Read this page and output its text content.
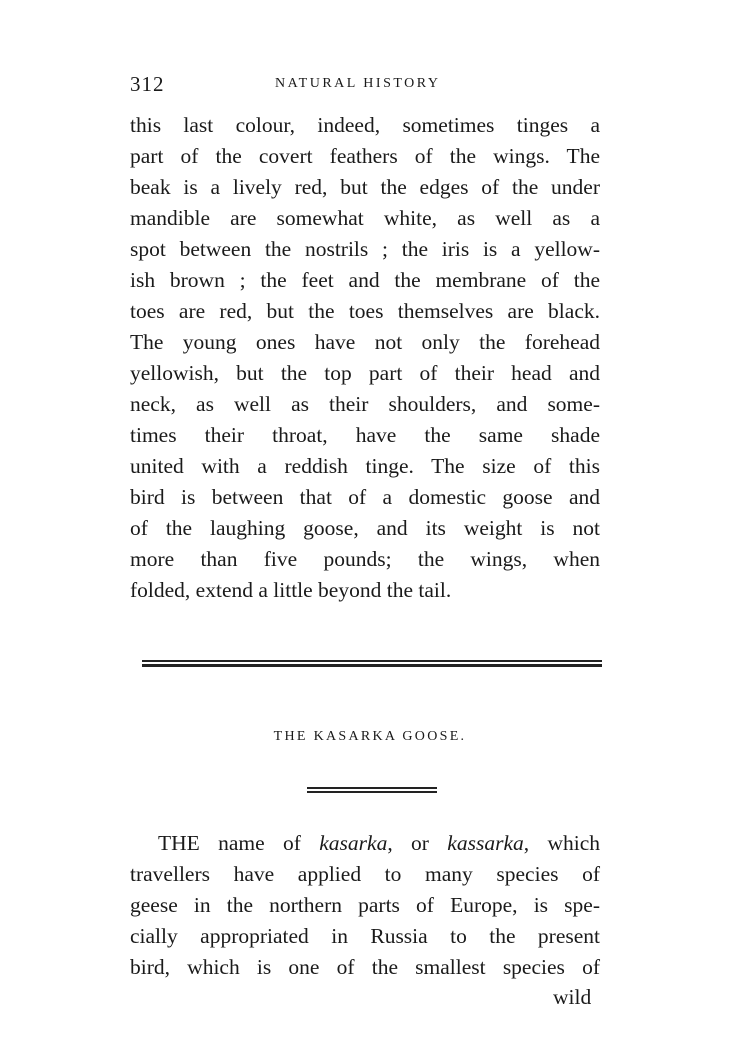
312	NATURAL HISTORY
this last colour, indeed, sometimes tinges a
part of the covert feathers of the wings. The
beak is a lively red, but the edges of the under
mandible are somewhat white, as well as a
spot between the nostrils ; the iris is a yellow-
ish brown ; the feet and the membrane of the
toes are red, but the toes themselves are black.
The young ones have not only the forehead
yellowish, but the top part of their head and
neck, as well as their shoulders, and some-
times their throat, have the same shade
united with a reddish tinge. The size of this
bird is between that of a domestic goose and
of the laughing goose, and its weight is not
more than five pounds; the wings, when
folded, extend a little beyond the tail.
THE KASARKA GOOSE.
THE name of kasarka, or kassarka, which
travellers have applied to many species of
geese in the northern parts of Europe, is spe-
cially appropriated in Russia to the present
bird, which is one of the smallest species of
wild
